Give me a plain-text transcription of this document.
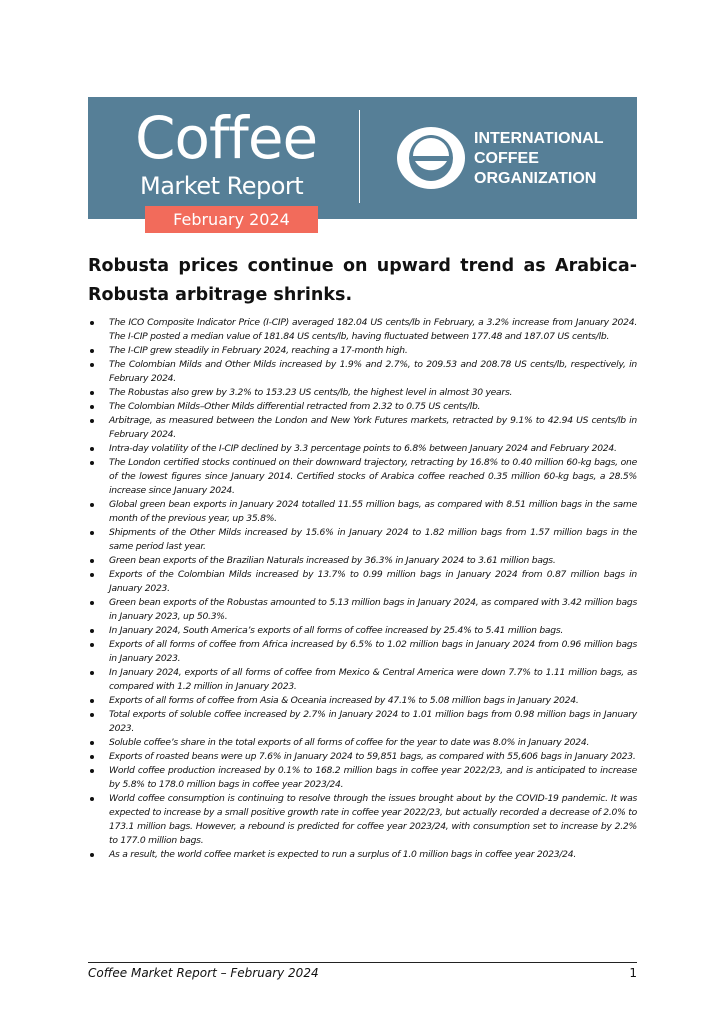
Coffee
Market Report
February 2024
INTERNATIONAL
COFFEE
ORGANIZATION
Robusta prices continue on upward trend as Arabica-Robusta arbitrage shrinks.
The ICO Composite Indicator Price (I-CIP) averaged 182.04 US cents/lb in February, a 3.2% increase from January 2024. The I-CIP posted a median value of 181.84 US cents/lb, having fluctuated between 177.48 and 187.07 US cents/lb.
The I-CIP grew steadily in February 2024, reaching a 17-month high.
The Colombian Milds and Other Milds increased by 1.9% and 2.7%, to 209.53 and 208.78 US cents/lb, respectively, in February 2024.
The Robustas also grew by 3.2% to 153.23 US cents/lb, the highest level in almost 30 years.
The Colombian Milds–Other Milds differential retracted from 2.32 to 0.75 US cents/lb.
Arbitrage, as measured between the London and New York Futures markets, retracted by 9.1% to 42.94 US cents/lb in February 2024.
Intra-day volatility of the I-CIP declined by 3.3 percentage points to 6.8% between January 2024 and February 2024.
The London certified stocks continued on their downward trajectory, retracting by 16.8% to 0.40 million 60-kg bags, one of the lowest figures since January 2014. Certified stocks of Arabica coffee reached 0.35 million 60-kg bags, a 28.5% increase since January 2024.
Global green bean exports in January 2024 totalled 11.55 million bags, as compared with 8.51 million bags in the same month of the previous year, up 35.8%.
Shipments of the Other Milds increased by 15.6% in January 2024 to 1.82 million bags from 1.57 million bags in the same period last year.
Green bean exports of the Brazilian Naturals increased by 36.3% in January 2024 to 3.61 million bags.
Exports of the Colombian Milds increased by 13.7% to 0.99 million bags in January 2024 from 0.87 million bags in January 2023.
Green bean exports of the Robustas amounted to 5.13 million bags in January 2024, as compared with 3.42 million bags in January 2023, up 50.3%.
In January 2024, South America’s exports of all forms of coffee increased by 25.4% to 5.41 million bags.
Exports of all forms of coffee from Africa increased by 6.5% to 1.02 million bags in January 2024 from 0.96 million bags in January 2023.
In January 2024, exports of all forms of coffee from Mexico & Central America were down 7.7% to 1.11 million bags, as compared with 1.2 million in January 2023.
Exports of all forms of coffee from Asia & Oceania increased by 47.1% to 5.08 million bags in January 2024.
Total exports of soluble coffee increased by 2.7% in January 2024 to 1.01 million bags from 0.98 million bags in January 2023.
Soluble coffee’s share in the total exports of all forms of coffee for the year to date was 8.0% in January 2024.
Exports of roasted beans were up 7.6% in January 2024 to 59,851 bags, as compared with 55,606 bags in January 2023.
World coffee production increased by 0.1% to 168.2 million bags in coffee year 2022/23, and is anticipated to increase by 5.8% to 178.0 million bags in coffee year 2023/24.
World coffee consumption is continuing to resolve through the issues brought about by the COVID-19 pandemic. It was expected to increase by a small positive growth rate in coffee year 2022/23, but actually recorded a decrease of 2.0% to 173.1 million bags. However, a rebound is predicted for coffee year 2023/24, with consumption set to increase by 2.2% to 177.0 million bags.
As a result, the world coffee market is expected to run a surplus of 1.0 million bags in coffee year 2023/24.
Coffee Market Report – February 2024	1
